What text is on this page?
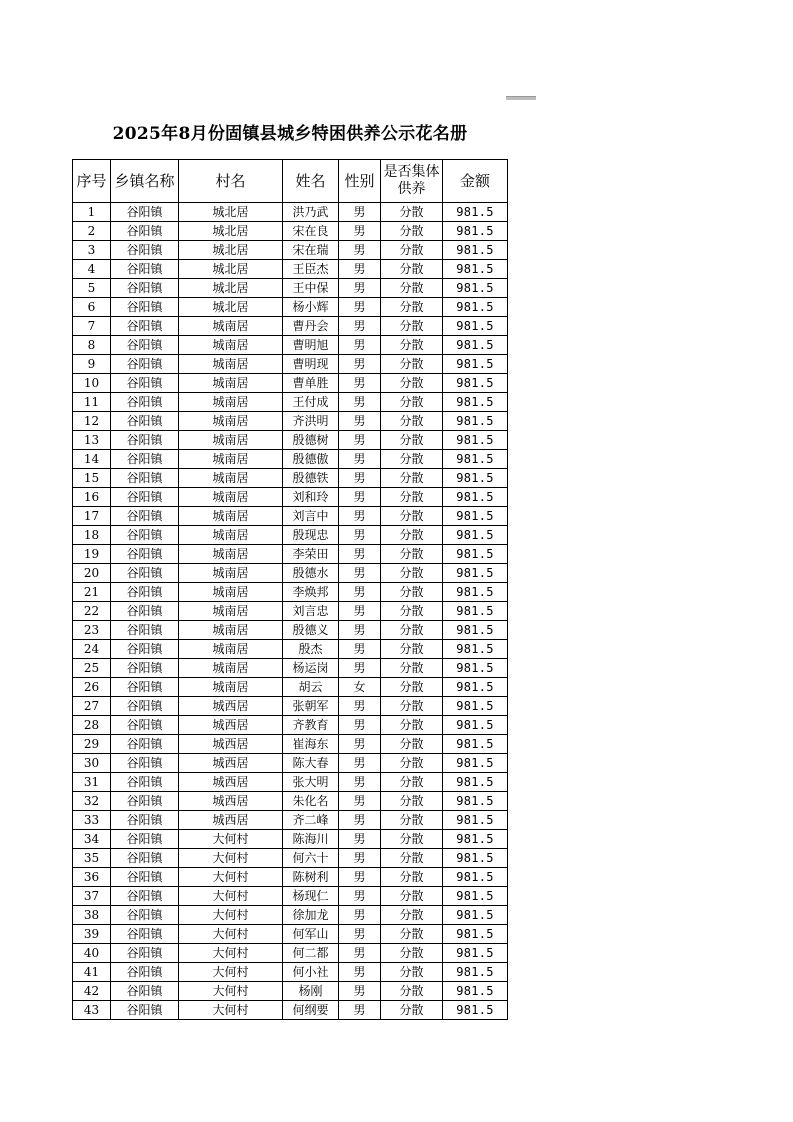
2025年8月份固镇县城乡特困供养公示花名册
序号	乡镇名称	村名	姓名	性别	是否集体供养	金额
1	谷阳镇	城北居	洪乃武	男	分散	981.5
2	谷阳镇	城北居	宋在良	男	分散	981.5
3	谷阳镇	城北居	宋在瑞	男	分散	981.5
4	谷阳镇	城北居	王臣杰	男	分散	981.5
5	谷阳镇	城北居	王中保	男	分散	981.5
6	谷阳镇	城北居	杨小辉	男	分散	981.5
7	谷阳镇	城南居	曹丹会	男	分散	981.5
8	谷阳镇	城南居	曹明旭	男	分散	981.5
9	谷阳镇	城南居	曹明现	男	分散	981.5
10	谷阳镇	城南居	曹单胜	男	分散	981.5
11	谷阳镇	城南居	王付成	男	分散	981.5
12	谷阳镇	城南居	齐洪明	男	分散	981.5
13	谷阳镇	城南居	殷德树	男	分散	981.5
14	谷阳镇	城南居	殷德傲	男	分散	981.5
15	谷阳镇	城南居	殷德铁	男	分散	981.5
16	谷阳镇	城南居	刘和玲	男	分散	981.5
17	谷阳镇	城南居	刘言中	男	分散	981.5
18	谷阳镇	城南居	殷现忠	男	分散	981.5
19	谷阳镇	城南居	李荣田	男	分散	981.5
20	谷阳镇	城南居	殷德水	男	分散	981.5
21	谷阳镇	城南居	李焕邦	男	分散	981.5
22	谷阳镇	城南居	刘言忠	男	分散	981.5
23	谷阳镇	城南居	殷德义	男	分散	981.5
24	谷阳镇	城南居	殷杰	男	分散	981.5
25	谷阳镇	城南居	杨运岗	男	分散	981.5
26	谷阳镇	城南居	胡云	女	分散	981.5
27	谷阳镇	城西居	张朝军	男	分散	981.5
28	谷阳镇	城西居	齐教育	男	分散	981.5
29	谷阳镇	城西居	崔海东	男	分散	981.5
30	谷阳镇	城西居	陈大春	男	分散	981.5
31	谷阳镇	城西居	张大明	男	分散	981.5
32	谷阳镇	城西居	朱化名	男	分散	981.5
33	谷阳镇	城西居	齐二峰	男	分散	981.5
34	谷阳镇	大何村	陈海川	男	分散	981.5
35	谷阳镇	大何村	何六十	男	分散	981.5
36	谷阳镇	大何村	陈树利	男	分散	981.5
37	谷阳镇	大何村	杨现仁	男	分散	981.5
38	谷阳镇	大何村	徐加龙	男	分散	981.5
39	谷阳镇	大何村	何军山	男	分散	981.5
40	谷阳镇	大何村	何二都	男	分散	981.5
41	谷阳镇	大何村	何小社	男	分散	981.5
42	谷阳镇	大何村	杨刚	男	分散	981.5
43	谷阳镇	大何村	何纲要	男	分散	981.5
